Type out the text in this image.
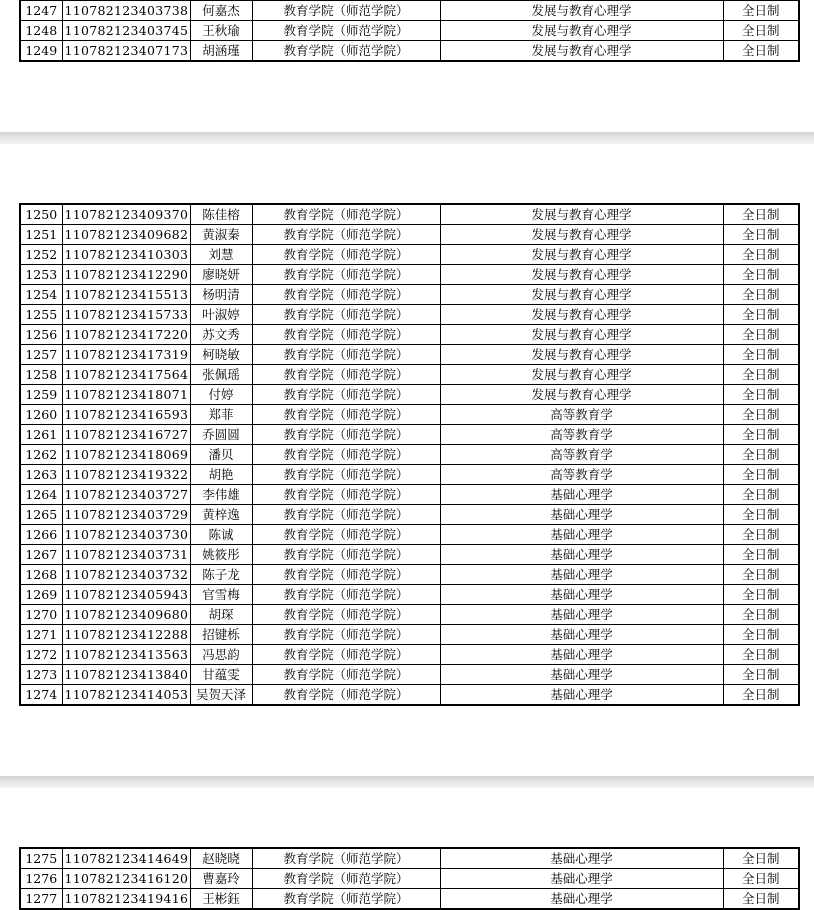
1247	110782123403738	何嘉杰	教育学院（师范学院）	发展与教育心理学	全日制
1248	110782123403745	王秋瑜	教育学院（师范学院）	发展与教育心理学	全日制
1249	110782123407173	胡涵瑾	教育学院（师范学院）	发展与教育心理学	全日制
1250	110782123409370	陈佳榕	教育学院（师范学院）	发展与教育心理学	全日制
1251	110782123409682	黄淑秦	教育学院（师范学院）	发展与教育心理学	全日制
1252	110782123410303	刘慧	教育学院（师范学院）	发展与教育心理学	全日制
1253	110782123412290	廖晓妍	教育学院（师范学院）	发展与教育心理学	全日制
1254	110782123415513	杨明清	教育学院（师范学院）	发展与教育心理学	全日制
1255	110782123415733	叶淑婷	教育学院（师范学院）	发展与教育心理学	全日制
1256	110782123417220	苏文秀	教育学院（师范学院）	发展与教育心理学	全日制
1257	110782123417319	柯晓敏	教育学院（师范学院）	发展与教育心理学	全日制
1258	110782123417564	张佩瑶	教育学院（师范学院）	发展与教育心理学	全日制
1259	110782123418071	付婷	教育学院（师范学院）	发展与教育心理学	全日制
1260	110782123416593	郑菲	教育学院（师范学院）	高等教育学	全日制
1261	110782123416727	乔圆圆	教育学院（师范学院）	高等教育学	全日制
1262	110782123418069	潘贝	教育学院（师范学院）	高等教育学	全日制
1263	110782123419322	胡艳	教育学院（师范学院）	高等教育学	全日制
1264	110782123403727	李伟雄	教育学院（师范学院）	基础心理学	全日制
1265	110782123403729	黄梓逸	教育学院（师范学院）	基础心理学	全日制
1266	110782123403730	陈诚	教育学院（师范学院）	基础心理学	全日制
1267	110782123403731	姚筱彤	教育学院（师范学院）	基础心理学	全日制
1268	110782123403732	陈子龙	教育学院（师范学院）	基础心理学	全日制
1269	110782123405943	官雪梅	教育学院（师范学院）	基础心理学	全日制
1270	110782123409680	胡琛	教育学院（师范学院）	基础心理学	全日制
1271	110782123412288	招键栎	教育学院（师范学院）	基础心理学	全日制
1272	110782123413563	冯思韵	教育学院（师范学院）	基础心理学	全日制
1273	110782123413840	甘蕴雯	教育学院（师范学院）	基础心理学	全日制
1274	110782123414053	吴贺天泽	教育学院（师范学院）	基础心理学	全日制
1275	110782123414649	赵晓晓	教育学院（师范学院）	基础心理学	全日制
1276	110782123416120	曹嘉玲	教育学院（师范学院）	基础心理学	全日制
1277	110782123419416	王彬鈺	教育学院（师范学院）	基础心理学	全日制
